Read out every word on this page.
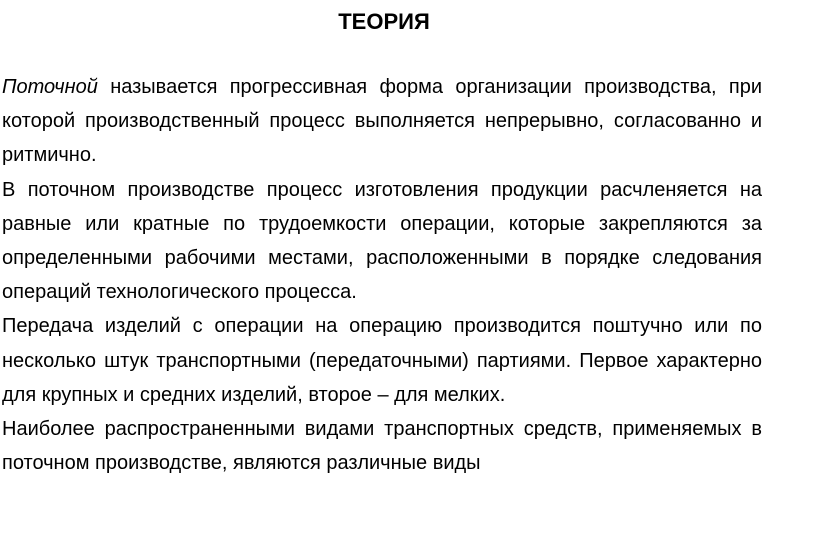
ТЕОРИЯ

Поточной называется прогрессивная форма организации производства, при которой производственный процесс выполняется непрерывно, согласованно и ритмично.

В поточном производстве процесс изготовления продукции расчленяется на равные или кратные по трудоемкости операции, которые закрепляются за определенными рабочими местами, расположенными в порядке следования операций технологического процесса.

Передача изделий с операции на операцию производится поштучно или по несколько штук транспортными (передаточными) партиями. Первое характерно для крупных и средних изделий, второе – для мелких.

Наиболее распространенными видами транспортных средств, применяемых в поточном производстве, являются различные виды
